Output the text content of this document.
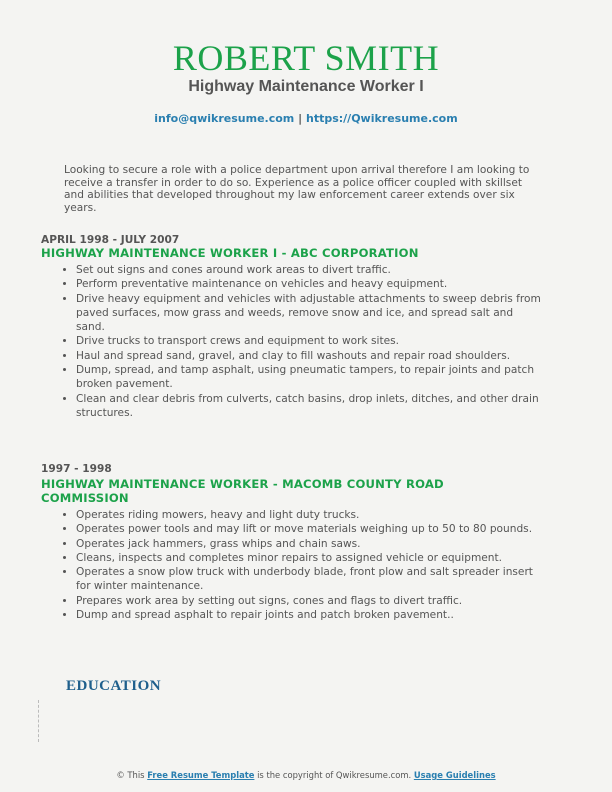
ROBERT SMITH
Highway Maintenance Worker I
info@qwikresume.com | https://Qwikresume.com
Looking to secure a role with a police department upon arrival therefore I am looking to receive a transfer in order to do so. Experience as a police officer coupled with skillset and abilities that developed throughout my law enforcement career extends over six years.
APRIL 1998 - JULY 2007
HIGHWAY MAINTENANCE WORKER I - ABC CORPORATION
• Set out signs and cones around work areas to divert traffic.
• Perform preventative maintenance on vehicles and heavy equipment.
• Drive heavy equipment and vehicles with adjustable attachments to sweep debris from paved surfaces, mow grass and weeds, remove snow and ice, and spread salt and sand.
• Drive trucks to transport crews and equipment to work sites.
• Haul and spread sand, gravel, and clay to fill washouts and repair road shoulders.
• Dump, spread, and tamp asphalt, using pneumatic tampers, to repair joints and patch broken pavement.
• Clean and clear debris from culverts, catch basins, drop inlets, ditches, and other drain structures.
1997 - 1998
HIGHWAY MAINTENANCE WORKER - MACOMB COUNTY ROAD COMMISSION
• Operates riding mowers, heavy and light duty trucks.
• Operates power tools and may lift or move materials weighing up to 50 to 80 pounds.
• Operates jack hammers, grass whips and chain saws.
• Cleans, inspects and completes minor repairs to assigned vehicle or equipment.
• Operates a snow plow truck with underbody blade, front plow and salt spreader insert for winter maintenance.
• Prepares work area by setting out signs, cones and flags to divert traffic.
• Dump and spread asphalt to repair joints and patch broken pavement..
EDUCATION
© This Free Resume Template is the copyright of Qwikresume.com. Usage Guidelines
